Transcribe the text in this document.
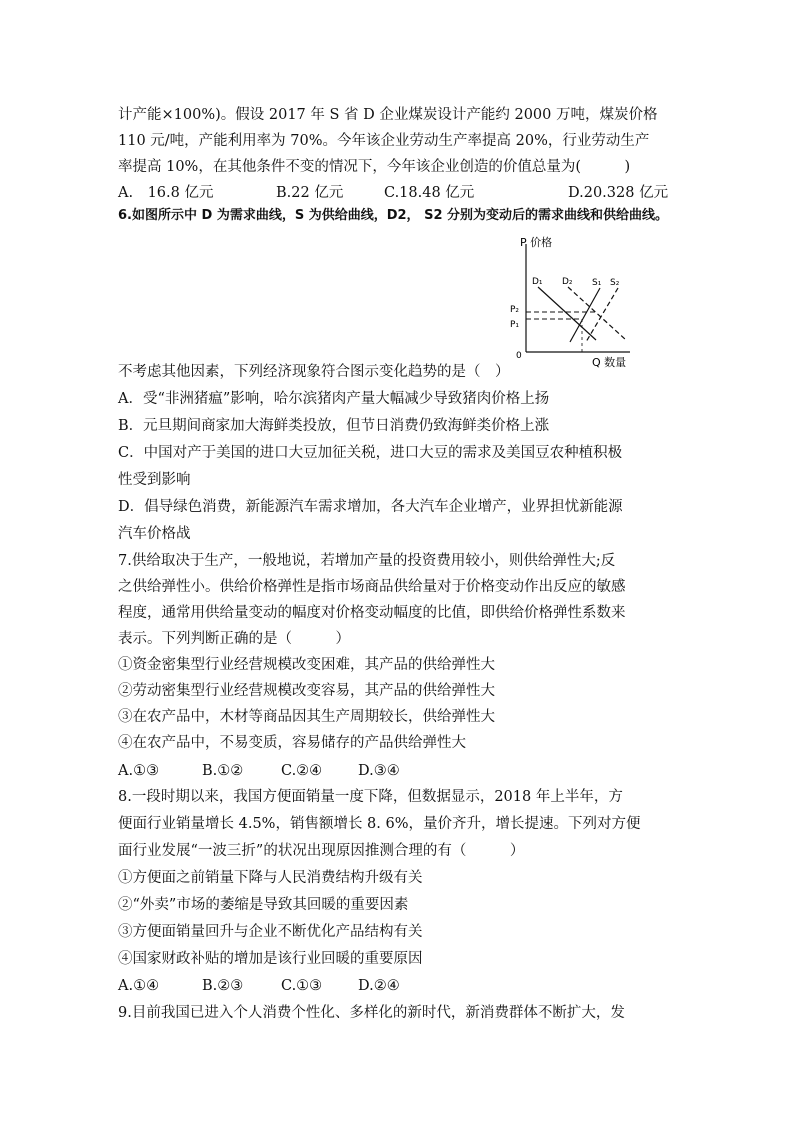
计产能×100%)。假设 2017 年 S 省 D 企业煤炭设计产能约 2000 万吨，煤炭价格
110 元/吨，产能利用率为 70%。今年该企业劳动生产率提高 20%，行业劳动生产
率提高 10%，在其他条件不变的情况下，今年该企业创造的价值总量为(　　　)
A.　16.8 亿元	B.22 亿元	C.18.48 亿元	D.20.328 亿元
6.如图所示中 D 为需求曲线，S 为供给曲线，D2， S2 分别为变动后的需求曲线和供给曲线。
P 价格
Q 数量
0
D₁ D₂ S₁ S₂
P₂
P₁
不考虑其他因素，下列经济现象符合图示变化趋势的是（　）
A．受“非洲猪瘟”影响，哈尔滨猪肉产量大幅减少导致猪肉价格上扬
B．元旦期间商家加大海鲜类投放，但节日消费仍致海鲜类价格上涨
C．中国对产于美国的进口大豆加征关税，进口大豆的需求及美国豆农种植积极
性受到影响
D．倡导绿色消费，新能源汽车需求增加，各大汽车企业增产，业界担忧新能源
汽车价格战
7.供给取决于生产，一般地说，若增加产量的投资费用较小，则供给弹性大;反
之供给弹性小。供给价格弹性是指市场商品供给量对于价格变动作出反应的敏感
程度，通常用供给量变动的幅度对价格变动幅度的比值，即供给价格弹性系数来
表示。下列判断正确的是（　　　）
①资金密集型行业经营规模改变困难，其产品的供给弹性大
②劳动密集型行业经营规模改变容易，其产品的供给弹性大
③在农产品中，木材等商品因其生产周期较长，供给弹性大
④在农产品中，不易变质，容易储存的产品供给弹性大
A.①③	B.①②	C.②④ D.③④
8.一段时期以来，我国方便面销量一度下降，但数据显示，2018 年上半年，方
便面行业销量增长 4.5%，销售额增长 8. 6%，量价齐升，增长提速。下列对方便
面行业发展“一波三折”的状况出现原因推测合理的有（　　　）
①方便面之前销量下降与人民消费结构升级有关
②“外卖”市场的萎缩是导致其回暖的重要因素
③方便面销量回升与企业不断优化产品结构有关
④国家财政补贴的增加是该行业回暖的重要原因
A.①④	B.②③	C.①③ D.②④
9.目前我国已进入个人消费个性化、多样化的新时代，新消费群体不断扩大，发
